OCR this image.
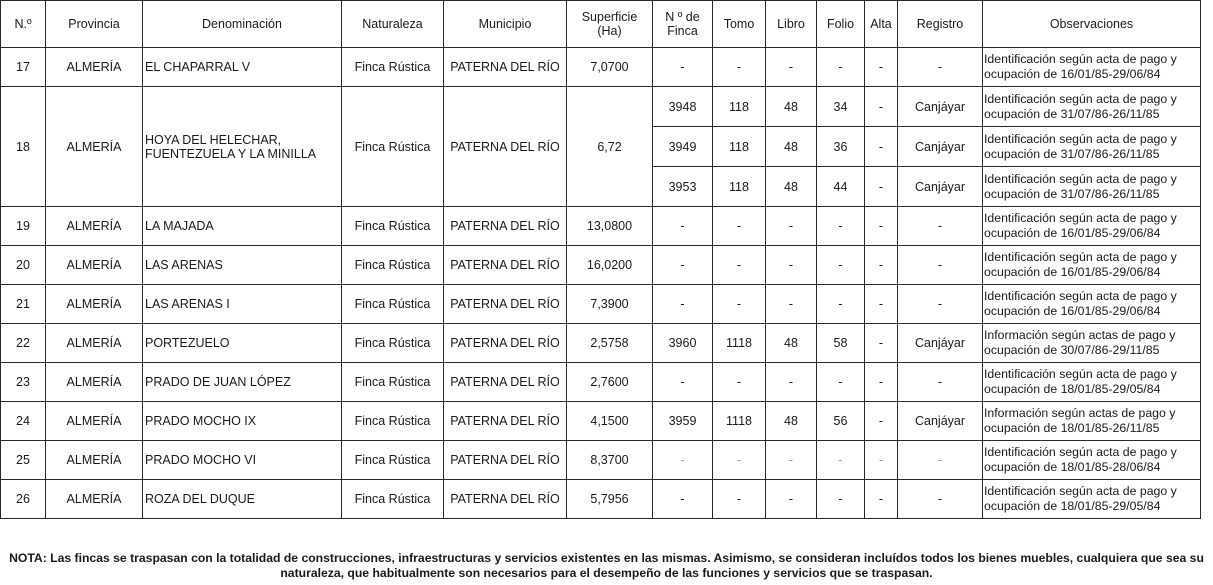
N.º	Provincia	Denominación	Naturaleza	Municipio	Superficie (Ha)	N º de Finca	Tomo	Libro	Folio	Alta	Registro	Observaciones
17	ALMERÍA	EL CHAPARRAL V	Finca Rústica	PATERNA DEL RÍO	7,0700	-	-	-	-	-	-	Identificación según acta de pago y ocupación de 16/01/85-29/06/84
18	ALMERÍA	HOYA DEL HELECHAR, FUENTEZUELA Y LA MINILLA	Finca Rústica	PATERNA DEL RÍO	6,72	3948	118	48	34	-	Canjáyar	Identificación según acta de pago y ocupación de 31/07/86-26/11/85
						3949	118	48	36	-	Canjáyar	Identificación según acta de pago y ocupación de 31/07/86-26/11/85
						3953	118	48	44	-	Canjáyar	Identificación según acta de pago y ocupación de 31/07/86-26/11/85
19	ALMERÍA	LA MAJADA	Finca Rústica	PATERNA DEL RÍO	13,0800	-	-	-	-	-	-	Identificación según acta de pago y ocupación de 16/01/85-29/06/84
20	ALMERÍA	LAS ARENAS	Finca Rústica	PATERNA DEL RÍO	16,0200	-	-	-	-	-	-	Identificación según acta de pago y ocupación de 16/01/85-29/06/84
21	ALMERÍA	LAS ARENAS I	Finca Rústica	PATERNA DEL RÍO	7,3900	-	-	-	-	-	-	Identificación según acta de pago y ocupación de 16/01/85-29/06/84
22	ALMERÍA	PORTEZUELO	Finca Rústica	PATERNA DEL RÍO	2,5758	3960	1118	48	58	-	Canjáyar	Información según actas de pago y ocupación de 30/07/86-29/11/85
23	ALMERÍA	PRADO DE JUAN LÓPEZ	Finca Rústica	PATERNA DEL RÍO	2,7600	-	-	-	-	-	-	Identificación según acta de pago y ocupación de 18/01/85-29/05/84
24	ALMERÍA	PRADO MOCHO IX	Finca Rústica	PATERNA DEL RÍO	4,1500	3959	1118	48	56	-	Canjáyar	Información según actas de pago y ocupación de 18/01/85-26/11/85
25	ALMERÍA	PRADO MOCHO VI	Finca Rústica	PATERNA DEL RÍO	8,3700	-	-	-	-	-	-	Identificación según acta de pago y ocupación de 18/01/85-28/06/84
26	ALMERÍA	ROZA DEL DUQUE	Finca Rústica	PATERNA DEL RÍO	5,7956	-	-	-	-	-	-	Identificación según acta de pago y ocupación de 18/01/85-29/05/84
NOTA: Las fincas se traspasan con la totalidad de construcciones, infraestructuras y servicios existentes en las mismas. Asimismo, se consideran incluídos todos los bienes muebles, cualquiera que sea su naturaleza, que habitualmente son necesarios para el desempeño de las funciones y servicios que se traspasan.
